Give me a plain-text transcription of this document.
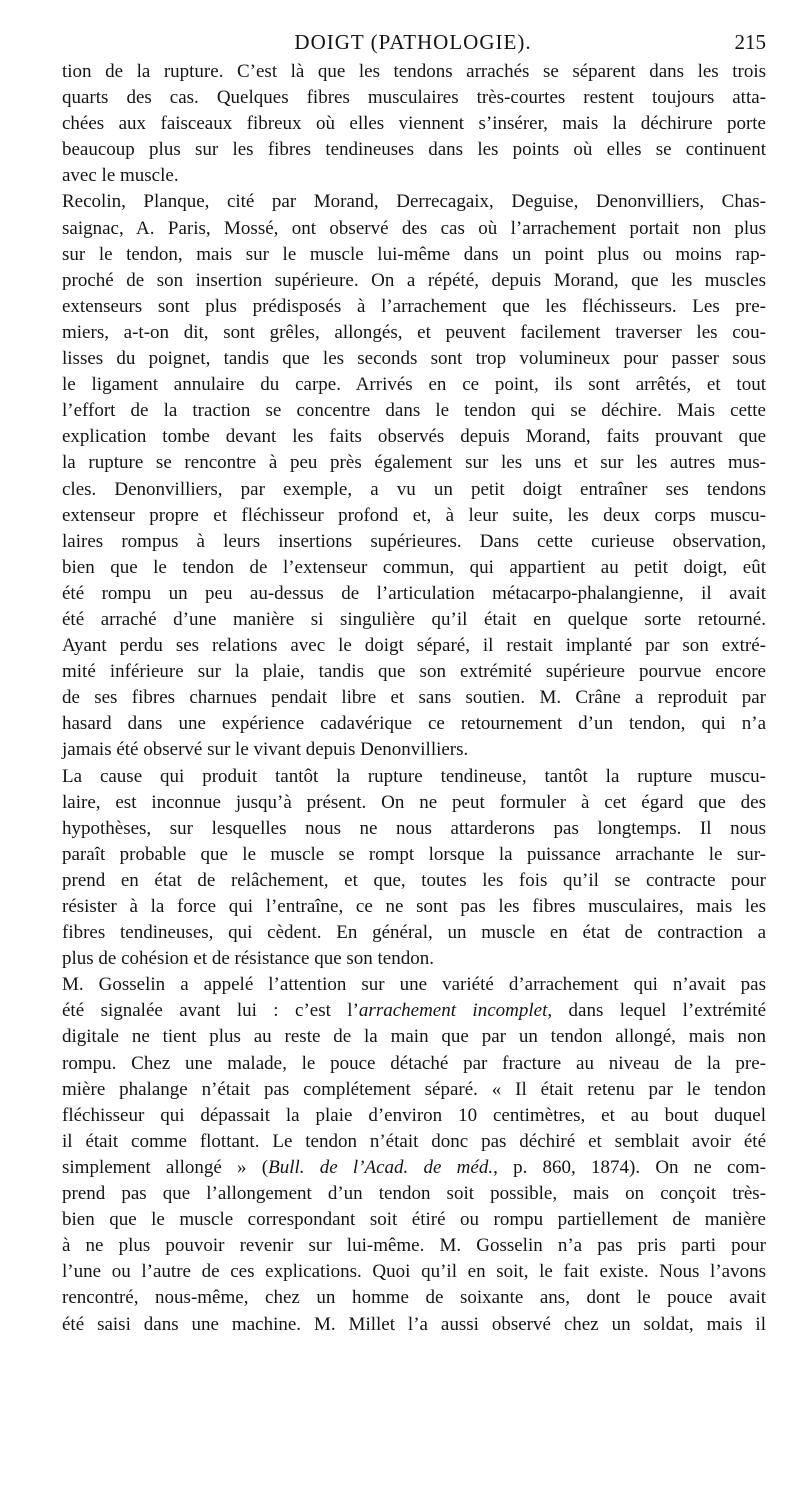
DOIGT (PATHOLOGIE).	215

tion de la rupture. C’est là que les tendons arrachés se séparent dans les trois
quarts des cas. Quelques fibres musculaires très-courtes restent toujours atta-
chées aux faisceaux fibreux où elles viennent s’insérer, mais la déchirure porte
beaucoup plus sur les fibres tendineuses dans les points où elles se continuent
avec le muscle.

Recolin, Planque, cité par Morand, Derrecagaix, Deguise, Denonvilliers, Chas-
saignac, A. Paris, Mossé, ont observé des cas où l’arrachement portait non plus
sur le tendon, mais sur le muscle lui-même dans un point plus ou moins rap-
proché de son insertion supérieure. On a répété, depuis Morand, que les muscles
extenseurs sont plus prédisposés à l’arrachement que les fléchisseurs. Les pre-
miers, a-t-on dit, sont grêles, allongés, et peuvent facilement traverser les cou-
lisses du poignet, tandis que les seconds sont trop volumineux pour passer sous
le ligament annulaire du carpe. Arrivés en ce point, ils sont arrêtés, et tout
l’effort de la traction se concentre dans le tendon qui se déchire. Mais cette
explication tombe devant les faits observés depuis Morand, faits prouvant que
la rupture se rencontre à peu près également sur les uns et sur les autres mus-
cles. Denonvilliers, par exemple, a vu un petit doigt entraîner ses tendons
extenseur propre et fléchisseur profond et, à leur suite, les deux corps muscu-
laires rompus à leurs insertions supérieures. Dans cette curieuse observation,
bien que le tendon de l’extenseur commun, qui appartient au petit doigt, eût
été rompu un peu au-dessus de l’articulation métacarpo-phalangienne, il avait
été arraché d’une manière si singulière qu’il était en quelque sorte retourné.
Ayant perdu ses relations avec le doigt séparé, il restait implanté par son extré-
mité inférieure sur la plaie, tandis que son extrémité supérieure pourvue encore
de ses fibres charnues pendait libre et sans soutien. M. Crâne a reproduit par
hasard dans une expérience cadavérique ce retournement d’un tendon, qui n’a
jamais été observé sur le vivant depuis Denonvilliers.

La cause qui produit tantôt la rupture tendineuse, tantôt la rupture muscu-
laire, est inconnue jusqu’à présent. On ne peut formuler à cet égard que des
hypothèses, sur lesquelles nous ne nous attarderons pas longtemps. Il nous
paraît probable que le muscle se rompt lorsque la puissance arrachante le sur-
prend en état de relâchement, et que, toutes les fois qu’il se contracte pour
résister à la force qui l’entraîne, ce ne sont pas les fibres musculaires, mais les
fibres tendineuses, qui cèdent. En général, un muscle en état de contraction a
plus de cohésion et de résistance que son tendon.

M. Gosselin a appelé l’attention sur une variété d’arrachement qui n’avait pas
été signalée avant lui : c’est l’arrachement incomplet, dans lequel l’extrémité
digitale ne tient plus au reste de la main que par un tendon allongé, mais non
rompu. Chez une malade, le pouce détaché par fracture au niveau de la pre-
mière phalange n’était pas complétement séparé. « Il était retenu par le tendon
fléchisseur qui dépassait la plaie d’environ 10 centimètres, et au bout duquel
il était comme flottant. Le tendon n’était donc pas déchiré et semblait avoir été
simplement allongé » (Bull. de l’Acad. de méd., p. 860, 1874). On ne com-
prend pas que l’allongement d’un tendon soit possible, mais on conçoit très-
bien que le muscle correspondant soit étiré ou rompu partiellement de manière
à ne plus pouvoir revenir sur lui-même. M. Gosselin n’a pas pris parti pour
l’une ou l’autre de ces explications. Quoi qu’il en soit, le fait existe. Nous l’avons
rencontré, nous-même, chez un homme de soixante ans, dont le pouce avait
été saisi dans une machine. M. Millet l’a aussi observé chez un soldat, mais il
